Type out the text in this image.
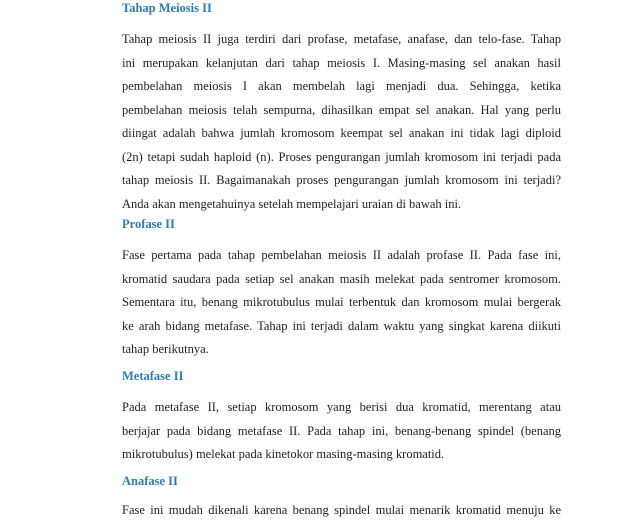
Tahap Meiosis II
Tahap meiosis II juga terdiri dari profase, metafase, anafase, dan telo-fase. Tahap
ini merupakan kelanjutan dari tahap meiosis I. Masing-masing sel anakan hasil
pembelahan meiosis I akan membelah lagi menjadi dua. Sehingga, ketika
pembelahan meiosis telah sempurna, dihasilkan empat sel anakan. Hal yang perlu
diingat adalah bahwa jumlah kromosom keempat sel anakan ini tidak lagi diploid
(2n) tetapi sudah haploid (n). Proses pengurangan jumlah kromosom ini terjadi pada
tahap meiosis II. Bagaimanakah proses pengurangan jumlah kromosom ini terjadi?
Anda akan mengetahuinya setelah mempelajari uraian di bawah ini.
Profase II
Fase pertama pada tahap pembelahan meiosis II adalah profase II. Pada fase ini,
kromatid saudara pada setiap sel anakan masih melekat pada sentromer kromosom.
Sementara itu, benang mikrotubulus mulai terbentuk dan kromosom mulai bergerak
ke arah bidang metafase. Tahap ini terjadi dalam waktu yang singkat karena diikuti
tahap berikutnya.
Metafase II
Pada metafase II, setiap kromosom yang berisi dua kromatid, merentang atau
berjajar pada bidang metafase II. Pada tahap ini, benang-benang spindel (benang
mikrotubulus) melekat pada kinetokor masing-masing kromatid.
Anafase II
Fase ini mudah dikenali karena benang spindel mulai menarik kromatid menuju ke
